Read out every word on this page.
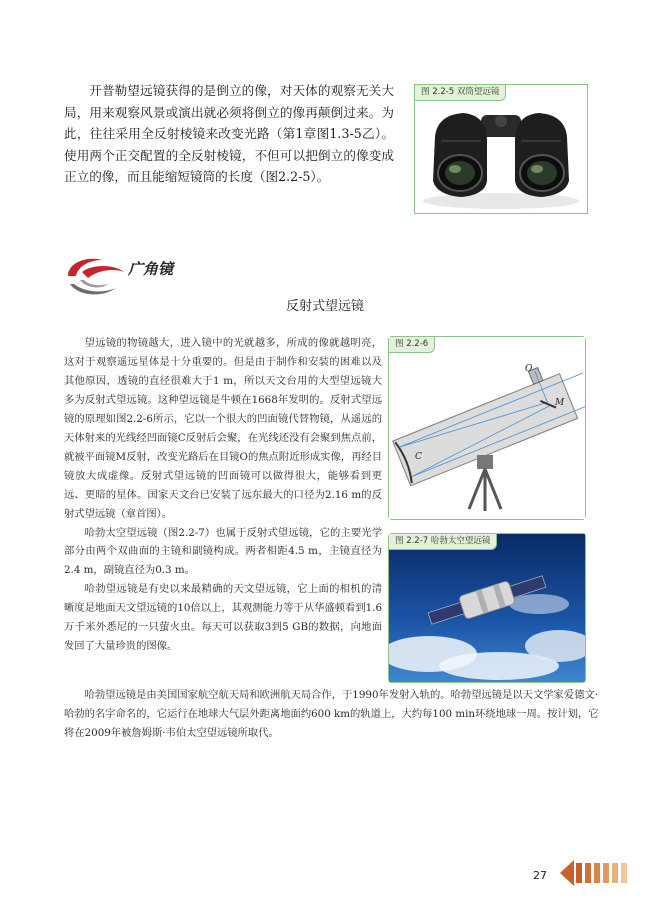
开普勒望远镜获得的是倒立的像，对天体的观察无关大局，用来观察风景或演出就必须将倒立的像再颠倒过来。为此，往往采用全反射棱镜来改变光路（第1章图1.3-5乙）。使用两个正交配置的全反射棱镜，不但可以把倒立的像变成正立的像，而且能缩短镜筒的长度（图2.2-5）。

图 2.2-5 双筒望远镜
广角镜
反射式望远镜

望远镜的物镜越大，进入镜中的光就越多，所成的像就越明亮，这对于观察遥远星体是十分重要的。但是由于制作和安装的困难以及其他原因，透镜的直径很难大于1 m，所以天文台用的大型望远镜大多为反射式望远镜。这种望远镜是牛顿在1668年发明的。反射式望远镜的原理如图2.2-6所示，它以一个很大的凹面镜代替物镜，从遥远的天体射来的光线经凹面镜C反射后会聚，在光线还没有会聚到焦点前，就被平面镜M反射，改变光路后在目镜O的焦点附近形成实像，再经目镜放大成虚像。反射式望远镜的凹面镜可以做得很大，能够看到更远、更暗的星体。国家天文台已安装了远东最大的口径为2.16 m的反射式望远镜（章首图）。

哈勃太空望远镜（图2.2-7）也属于反射式望远镜，它的主要光学部分由两个双曲面的主镜和副镜构成。两者相距4.5 m，主镜直径为2.4 m，副镜直径为0.3 m。

哈勃望远镜是有史以来最精确的天文望远镜，它上面的相机的清晰度是地面天文望远镜的10倍以上，其观测能力等于从华盛顿看到1.6万千米外悉尼的一只萤火虫。每天可以获取3到5 GB的数据，向地面发回了大量珍贵的图像。

O
M
C
图 2.2-6
图 2.2-7 哈勃太空望远镜

哈勃望远镜是由美国国家航空航天局和欧洲航天局合作，于1990年发射入轨的。哈勃望远镜是以天文学家爱德文·哈勃的名字命名的，它运行在地球大气层外距离地面约600 km的轨道上，大约每100 min环绕地球一周。按计划，它将在2009年被詹姆斯·韦伯太空望远镜所取代。

27
